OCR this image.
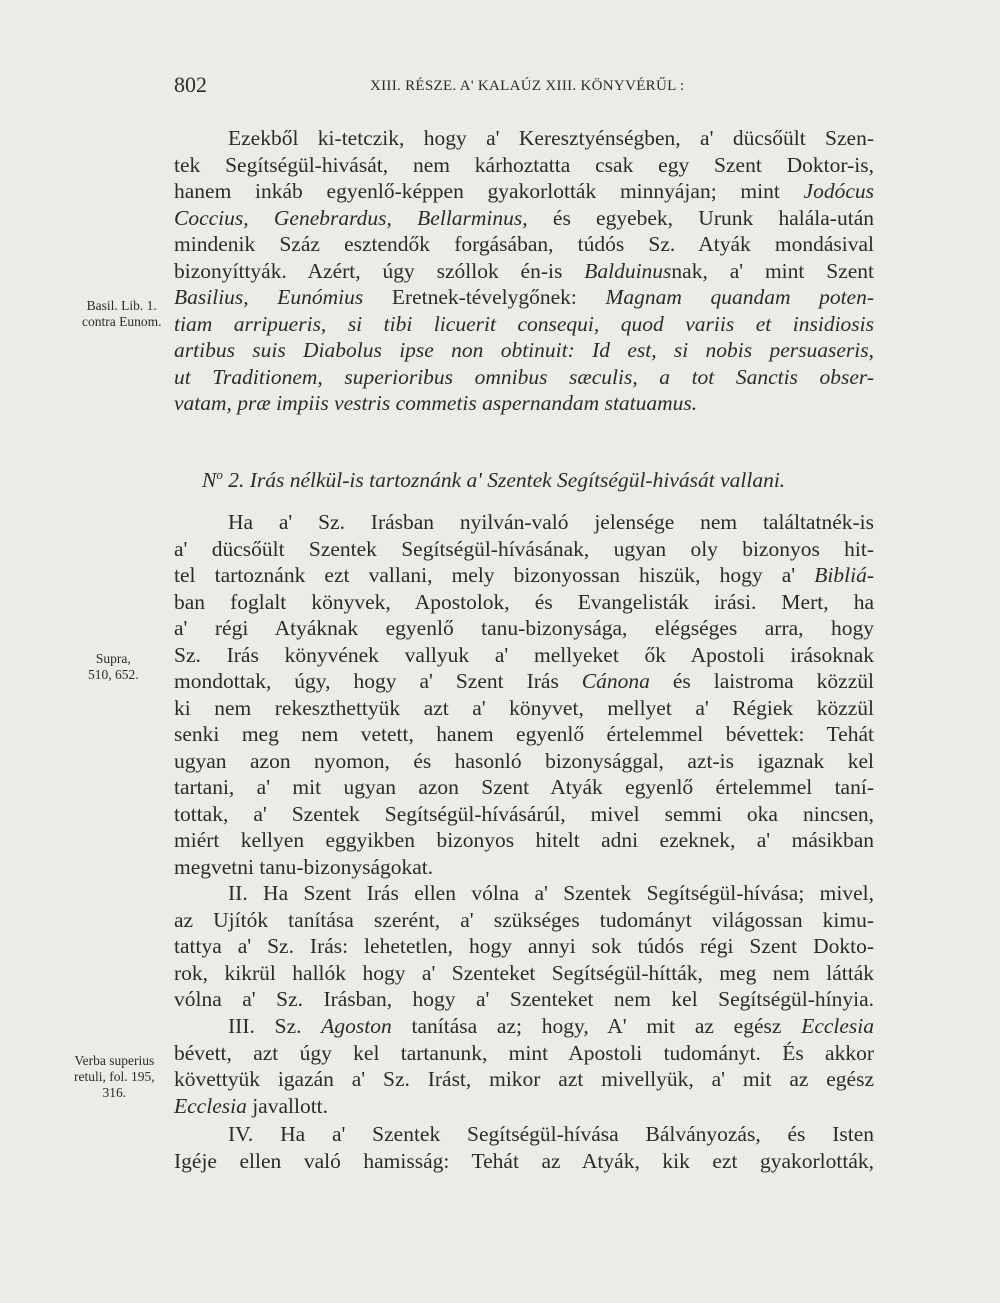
802	XIII. RÉSZE. A' KALAÚZ XIII. KÖNYVÉRŰL :
Ezekből ki-tetczik, hogy a' Keresztyénségben, a' dücsőült Szen-
tek Segítségül-hivását, nem kárhoztatta csak egy Szent Doktor-is,
hanem inkáb egyenlő-képpen gyakorlották minnyájan; mint Jodócus
Coccius, Genebrardus, Bellarminus, és egyebek, Urunk halála-után
mindenik Száz esztendők forgásában, túdós Sz. Atyák mondásival
bizonyíttyák. Azért, úgy szóllok én-is Balduinusnak, a' mint Szent
Basilius, Eunómius Eretnek-tévelygőnek: Magnam quandam poten-
tiam arripueris, si tibi licuerit consequi, quod variis et insidiosis
artibus suis Diabolus ipse non obtinuit: Id est, si nobis persuaseris,
ut Traditionem, superioribus omnibus sæculis, a tot Sanctis obser-
vatam, præ impiis vestris commetis aspernandam statuamus.
$N^o$ 2. Irás nélkül-is tartoznánk a' Szentek Segítségül-hivását vallani.
Ha a' Sz. Irásban nyilván-való jelensége nem találtatnék-is
a' dücsőült Szentek Segítségül-hívásának, ugyan oly bizonyos hit-
tel tartoznánk ezt vallani, mely bizonyossan hiszük, hogy a' Bibliá-
ban foglalt könyvek, Apostolok, és Evangelisták irási. Mert, ha
a' régi Atyáknak egyenlő tanu-bizonysága, elégséges arra, hogy
Sz. Irás könyvének vallyuk a' mellyeket ők Apostoli irásoknak
mondottak, úgy, hogy a' Szent Irás Cánona és laistroma közzül
ki nem rekeszthettyük azt a' könyvet, mellyet a' Régiek közzül
senki meg nem vetett, hanem egyenlő értelemmel bévettek: Tehát
ugyan azon nyomon, és hasonló bizonysággal, azt-is igaznak kel
tartani, a' mit ugyan azon Szent Atyák egyenlő értelemmel taní-
tottak, a' Szentek Segítségül-hívásárúl, mivel semmi oka nincsen,
miért kellyen eggyikben bizonyos hitelt adni ezeknek, a' másikban
megvetni tanu-bizonyságokat.
II. Ha Szent Irás ellen vólna a' Szentek Segítségül-hívása; mivel,
az Ujítók tanítása szerént, a' szükséges tudományt világossan kimu-
tattya a' Sz. Irás: lehetetlen, hogy annyi sok túdós régi Szent Dokto-
rok, kikrül hallók hogy a' Szenteket Segítségül-hítták, meg nem látták
vólna a' Sz. Irásban, hogy a' Szenteket nem kel Segítségül-hínyia.
III. Sz. Agoston tanítása az; hogy, A' mit az egész Ecclesia
bévett, azt úgy kel tartanunk, mint Apostoli tudományt. És akkor
követtyük igazán a' Sz. Irást, mikor azt mivellyük, a' mit az egész
Ecclesia javallott.
IV. Ha a' Szentek Segítségül-hívása Bálványozás, és Isten
Igéje ellen való hamisság: Tehát az Atyák, kik ezt gyakorlották,
Basil. Lib. 1.
contra Eunom.
Supra,
510, 652.
Verba superius
retuli, fol. 195,
316.
